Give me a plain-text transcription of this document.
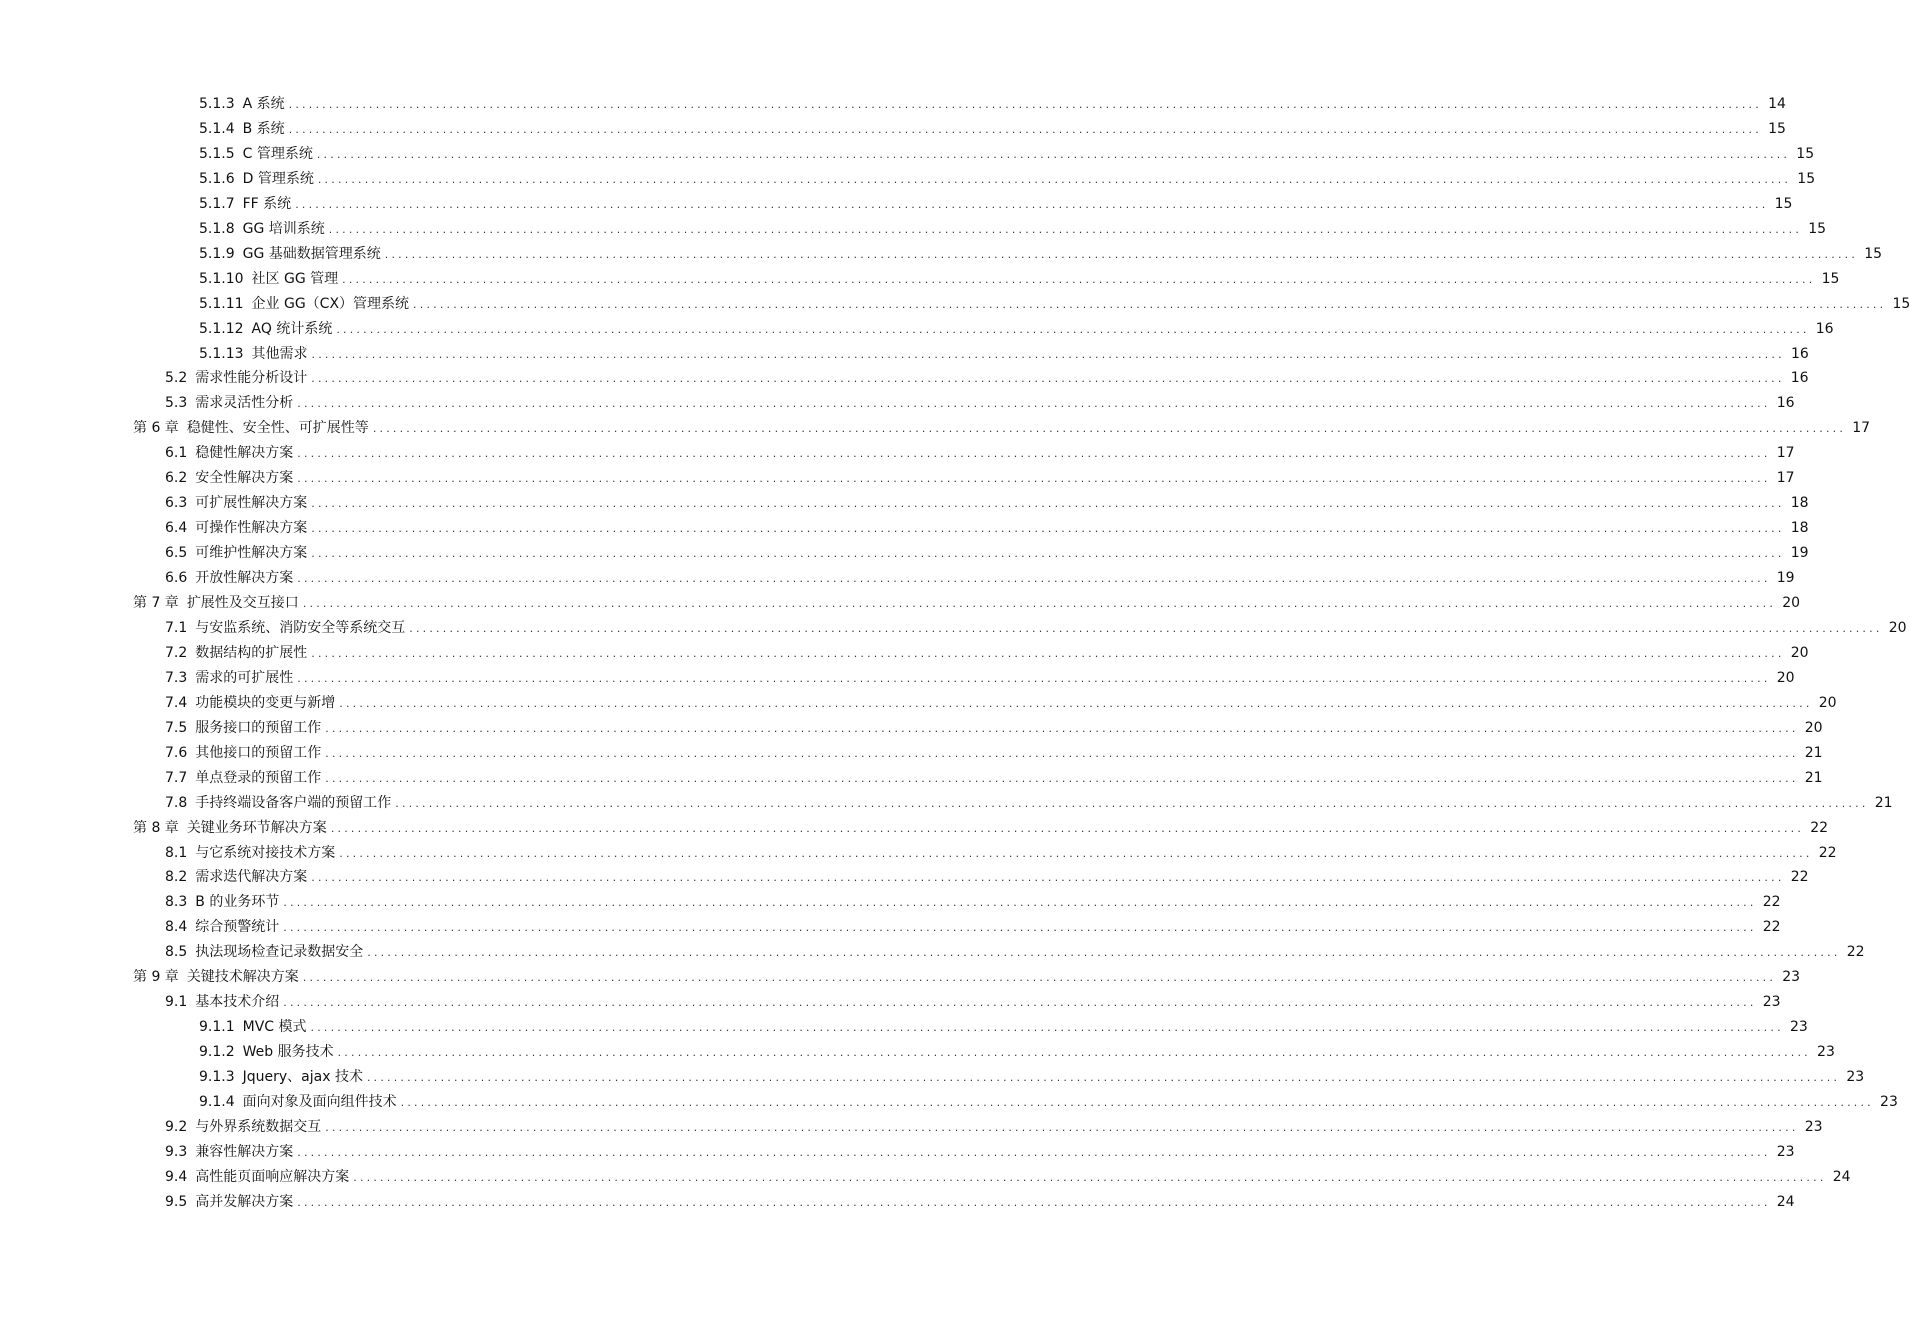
5.1.3 A 系统 ............................................................................................................................................................................................................................ 14
5.1.4 B 系统 ............................................................................................................................................................................................................................ 15
5.1.5 C 管理系统 ............................................................................................................................................................................................................................ 15
5.1.6 D 管理系统 ............................................................................................................................................................................................................................ 15
5.1.7 FF 系统 ............................................................................................................................................................................................................................ 15
5.1.8 GG 培训系统 ............................................................................................................................................................................................................................ 15
5.1.9 GG 基础数据管理系统 ............................................................................................................................................................................................................................ 15
5.1.10 社区 GG 管理 ............................................................................................................................................................................................................................ 15
5.1.11 企业 GG（CX）管理系统 ............................................................................................................................................................................................................................ 15
5.1.12 AQ 统计系统 ............................................................................................................................................................................................................................ 16
5.1.13 其他需求 ............................................................................................................................................................................................................................ 16
5.2 需求性能分析设计 ............................................................................................................................................................................................................................ 16
5.3 需求灵活性分析 ............................................................................................................................................................................................................................ 16
第 6 章 稳健性、安全性、可扩展性等 ............................................................................................................................................................................................................................ 17
6.1 稳健性解决方案 ............................................................................................................................................................................................................................ 17
6.2 安全性解决方案 ............................................................................................................................................................................................................................ 17
6.3 可扩展性解决方案 ............................................................................................................................................................................................................................ 18
6.4 可操作性解决方案 ............................................................................................................................................................................................................................ 18
6.5 可维护性解决方案 ............................................................................................................................................................................................................................ 19
6.6 开放性解决方案 ............................................................................................................................................................................................................................ 19
第 7 章 扩展性及交互接口 ............................................................................................................................................................................................................................ 20
7.1 与安监系统、消防安全等系统交互 ............................................................................................................................................................................................................................ 20
7.2 数据结构的扩展性 ............................................................................................................................................................................................................................ 20
7.3 需求的可扩展性 ............................................................................................................................................................................................................................ 20
7.4 功能模块的变更与新增 ............................................................................................................................................................................................................................ 20
7.5 服务接口的预留工作 ............................................................................................................................................................................................................................ 20
7.6 其他接口的预留工作 ............................................................................................................................................................................................................................ 21
7.7 单点登录的预留工作 ............................................................................................................................................................................................................................ 21
7.8 手持终端设备客户端的预留工作 ............................................................................................................................................................................................................................ 21
第 8 章 关键业务环节解决方案 ............................................................................................................................................................................................................................ 22
8.1 与它系统对接技术方案 ............................................................................................................................................................................................................................ 22
8.2 需求迭代解决方案 ............................................................................................................................................................................................................................ 22
8.3 B 的业务环节 ............................................................................................................................................................................................................................ 22
8.4 综合预警统计 ............................................................................................................................................................................................................................ 22
8.5 执法现场检查记录数据安全 ............................................................................................................................................................................................................................ 22
第 9 章 关键技术解决方案 ............................................................................................................................................................................................................................ 23
9.1 基本技术介绍 ............................................................................................................................................................................................................................ 23
9.1.1 MVC 模式 ............................................................................................................................................................................................................................ 23
9.1.2 Web 服务技术 ............................................................................................................................................................................................................................ 23
9.1.3 Jquery、ajax 技术 ............................................................................................................................................................................................................................ 23
9.1.4 面向对象及面向组件技术 ............................................................................................................................................................................................................................ 23
9.2 与外界系统数据交互 ............................................................................................................................................................................................................................ 23
9.3 兼容性解决方案 ............................................................................................................................................................................................................................ 23
9.4 高性能页面响应解决方案 ............................................................................................................................................................................................................................ 24
9.5 高并发解决方案 ............................................................................................................................................................................................................................ 24
